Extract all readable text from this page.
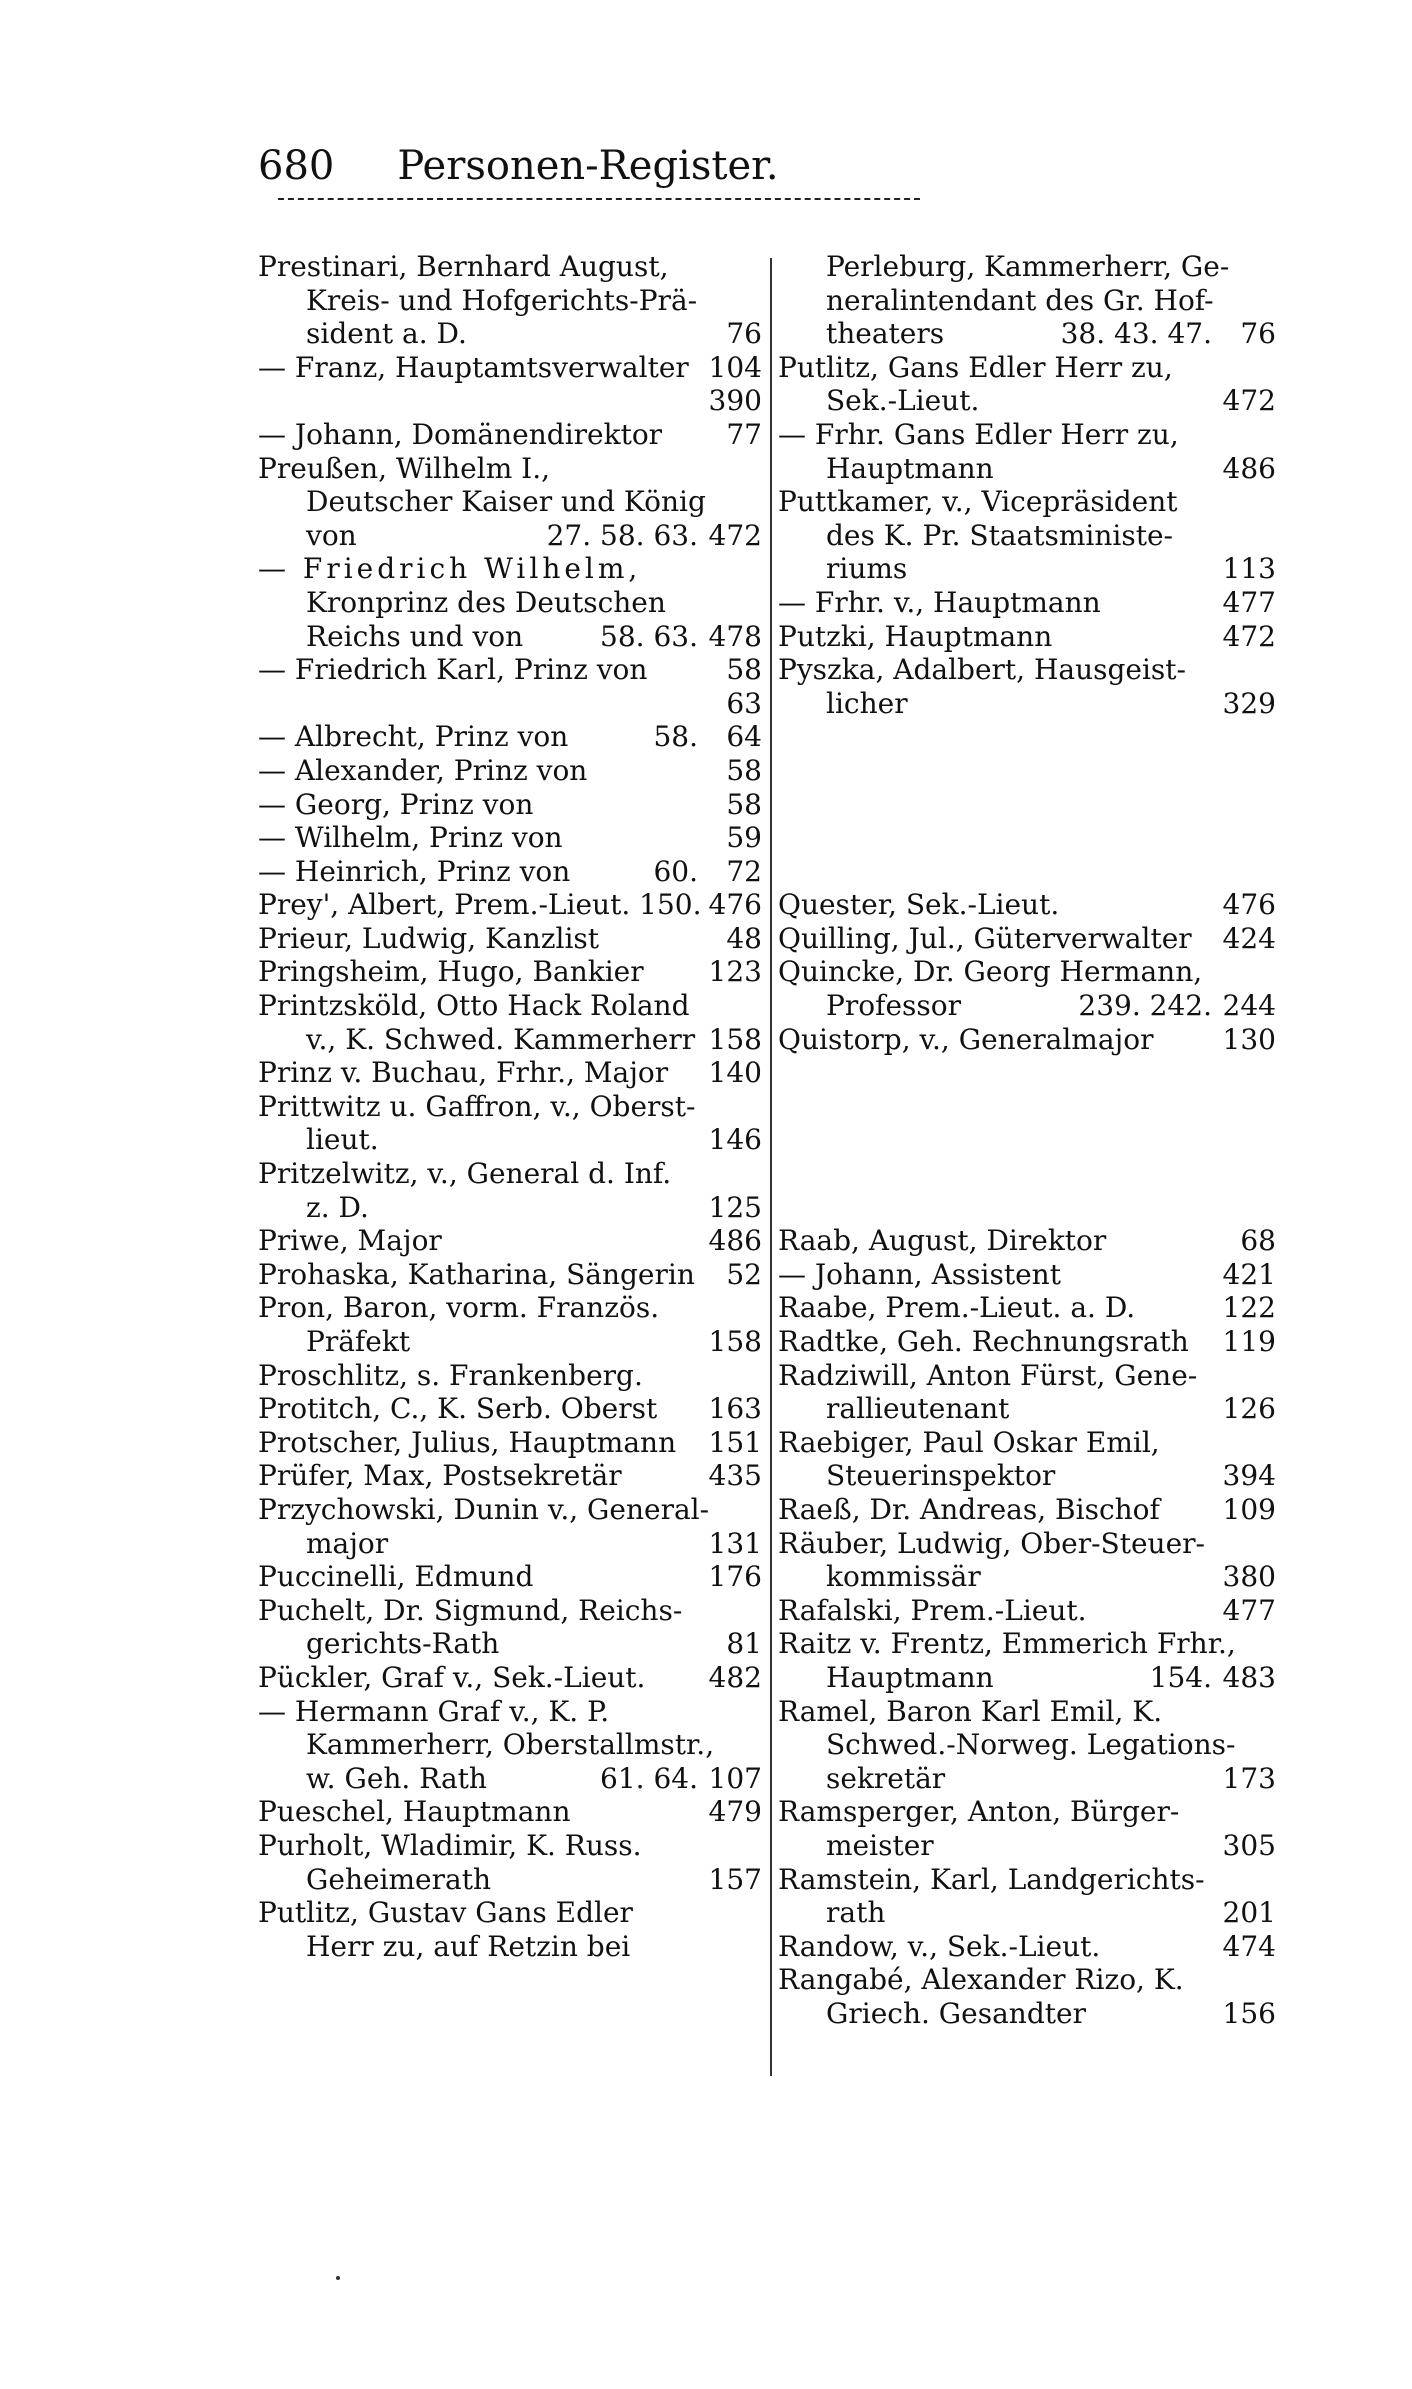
680 Personen-Register.
Prestinari, Bernhard August,
Kreis- und Hofgerichts-Prä-
sident a. D.	76
— Franz, Hauptamtsverwalter 104
390
— Johann, Domänendirektor 77
Preußen, Wilhelm I.,
Deutscher Kaiser und König
von	27. 58. 63. 472
— Friedrich Wilhelm,
Kronprinz des Deutschen
Reichs und von	58. 63. 478
— Friedrich Karl, Prinz von	58
63
— Albrecht, Prinz von	58. 64
— Alexander, Prinz von	58
— Georg, Prinz von	58
— Wilhelm, Prinz von	59
— Heinrich, Prinz von	60. 72
Prey', Albert, Prem.-Lieut. 150. 476
Prieur, Ludwig, Kanzlist	48
Pringsheim, Hugo, Bankier 123
Printzsköld, Otto Hack Roland
v., K. Schwed. Kammerherr 158
Prinz v. Buchau, Frhr., Major 140
Prittwitz u. Gaffron, v., Oberst-
lieut.	146
Pritzelwitz, v., General d. Inf.
z. D.	125
Priwe, Major	486
Prohaska, Katharina, Sängerin 52
Pron, Baron, vorm. Französ.
Präfekt	158
Proschlitz, s. Frankenberg.
Protitch, C., K. Serb. Oberst 163
Protscher, Julius, Hauptmann 151
Prüfer, Max, Postsekretär	435
Przychowski, Dunin v., General-
major	131
Puccinelli, Edmund	176
Puchelt, Dr. Sigmund, Reichs-
gerichts-Rath	81
Pückler, Graf v., Sek.-Lieut. 482
— Hermann Graf v., K. P.
Kammerherr, Oberstallmstr.,
w. Geh. Rath	61. 64. 107
Pueschel, Hauptmann	479
Purholt, Wladimir, K. Russ.
Geheimerath	157
Putlitz, Gustav Gans Edler
Herr zu, auf Retzin bei
Perleburg, Kammerherr, Ge-
neralintendant des Gr. Hof-
theaters	38. 43. 47. 76
Putlitz, Gans Edler Herr zu,
Sek.-Lieut.	472
— Frhr. Gans Edler Herr zu,
Hauptmann	486
Puttkamer, v., Vicepräsident
des K. Pr. Staatsministe-
riums	113
— Frhr. v., Hauptmann	477
Putzki, Hauptmann	472
Pyszka, Adalbert, Hausgeist-
licher	329
Quester, Sek.-Lieut.	476
Quilling, Jul., Güterverwalter 424
Quincke, Dr. Georg Hermann,
Professor	239. 242. 244
Quistorp, v., Generalmajor 130
Raab, August, Direktor	68
— Johann, Assistent	421
Raabe, Prem.-Lieut. a. D.	122
Radtke, Geh. Rechnungsrath 119
Radziwill, Anton Fürst, Gene-
rallieutenant	126
Raebiger, Paul Oskar Emil,
Steuerinspektor	394
Raeß, Dr. Andreas, Bischof 109
Räuber, Ludwig, Ober-Steuer-
kommissär	380
Rafalski, Prem.-Lieut.	477
Raitz v. Frentz, Emmerich Frhr.,
Hauptmann	154. 483
Ramel, Baron Karl Emil, K.
Schwed.-Norweg. Legations-
sekretär	173
Ramsperger, Anton, Bürger-
meister	305
Ramstein, Karl, Landgerichts-
rath	201
Randow, v., Sek.-Lieut.	474
Rangabé, Alexander Rizo, K.
Griech. Gesandter	156
